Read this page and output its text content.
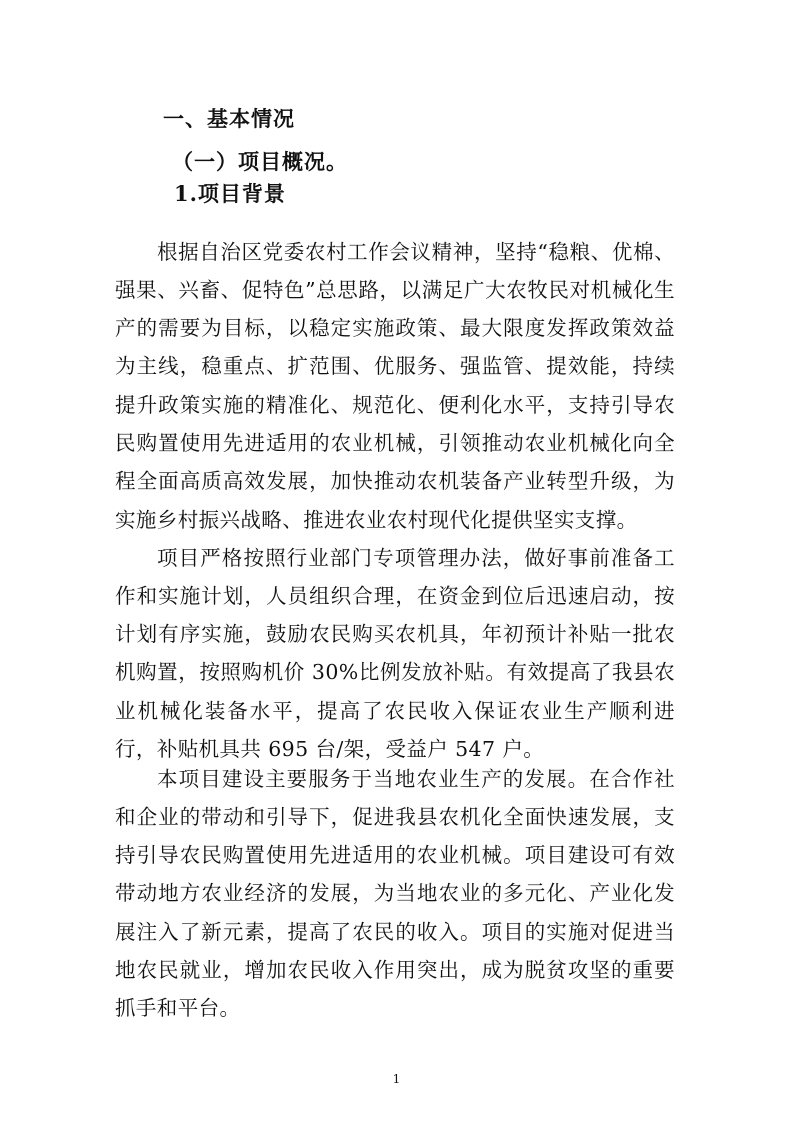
一、基本情况
（一）项目概况。
1.项目背景

根据自治区党委农村工作会议精神，坚持“稳粮、优棉、强果、兴畜、促特色”总思路，以满足广大农牧民对机械化生产的需要为目标，以稳定实施政策、最大限度发挥政策效益为主线，稳重点、扩范围、优服务、强监管、提效能，持续提升政策实施的精准化、规范化、便利化水平，支持引导农民购置使用先进适用的农业机械，引领推动农业机械化向全程全面高质高效发展，加快推动农机装备产业转型升级，为实施乡村振兴战略、推进农业农村现代化提供坚实支撑。

项目严格按照行业部门专项管理办法，做好事前准备工作和实施计划，人员组织合理，在资金到位后迅速启动，按计划有序实施，鼓励农民购买农机具，年初预计补贴一批农机购置，按照购机价 30%比例发放补贴。有效提高了我县农业机械化装备水平，提高了农民收入保证农业生产顺利进行，补贴机具共 695 台/架，受益户 547 户。

本项目建设主要服务于当地农业生产的发展。在合作社和企业的带动和引导下，促进我县农机化全面快速发展，支持引导农民购置使用先进适用的农业机械。项目建设可有效带动地方农业经济的发展，为当地农业的多元化、产业化发展注入了新元素，提高了农民的收入。项目的实施对促进当地农民就业，增加农民收入作用突出，成为脱贫攻坚的重要抓手和平台。

1
